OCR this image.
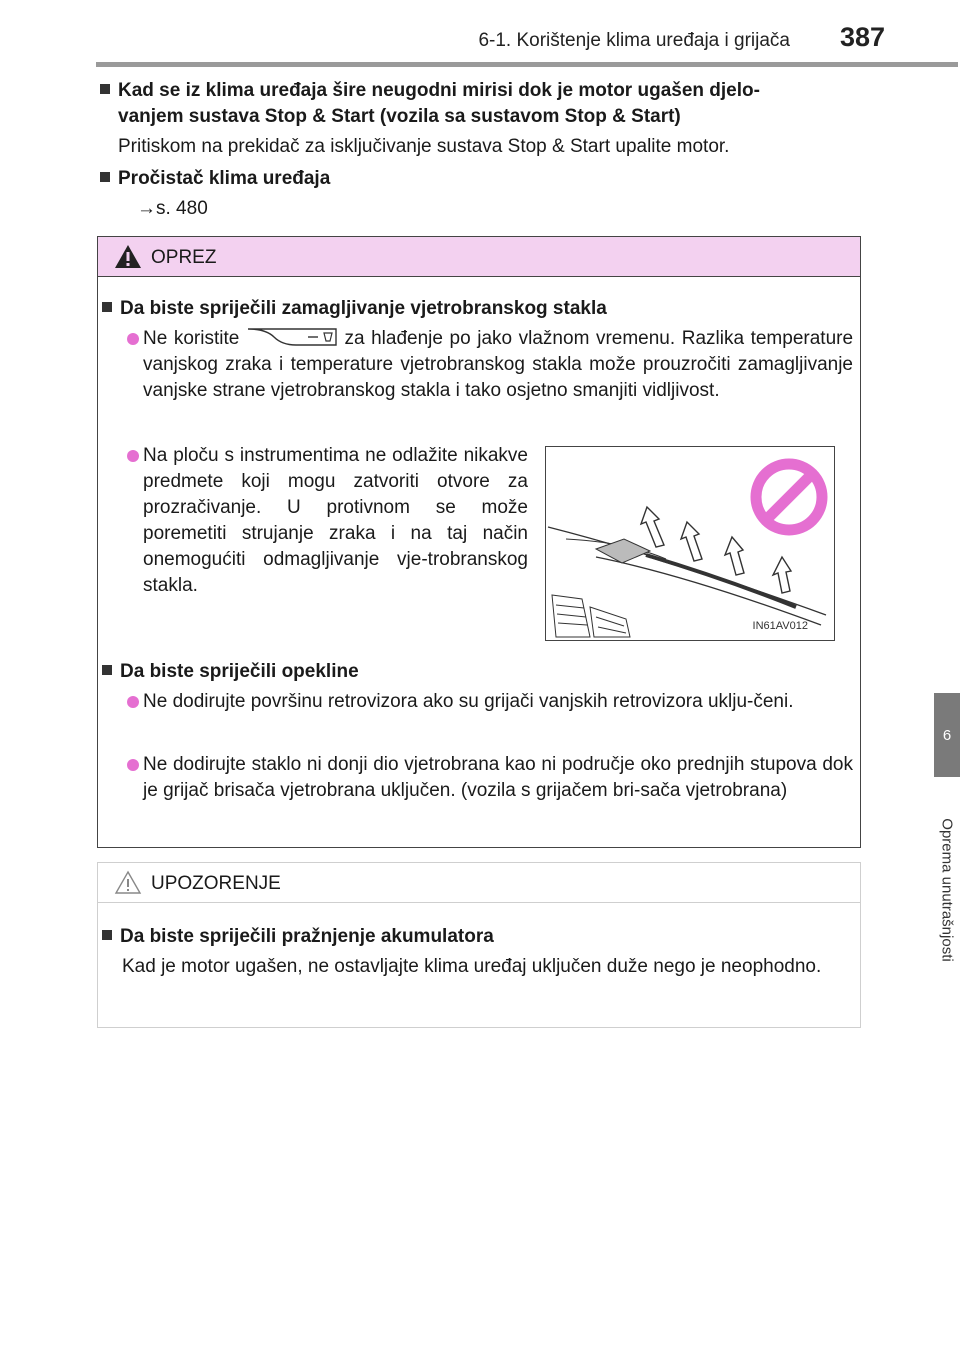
6-1. Korištenje klima uređaja i grijača 387
6
Oprema unutrašnjosti
Kad se iz klima uređaja šire neugodni mirisi dok je motor ugašen djelo-
vanjem sustava Stop & Start (vozila sa sustavom Stop & Start)
Pritiskom na prekidač za isključivanje sustava Stop & Start upalite motor.
Pročistač klima uređaja
→s. 480
OPREZ
Da biste spriječili zamagljivanje vjetrobranskog stakla
Ne koristite	za hlađenje po jako vlažnom vremenu. Razlika temperature vanjskog zraka i temperature vjetrobranskog stakla može prouzročiti zamagljivanje vanjske strane vjetrobranskog stakla i tako osjetno smanjiti vidljivost.
Na ploču s instrumentima ne odlažite nikakve predmete koji mogu zatvoriti otvore za prozračivanje. U protivnom se može poremetiti strujanje zraka i na taj način onemogućiti odmagljivanje vje-trobranskog stakla.
IN61AV012
Da biste spriječili opekline
Ne dodirujte površinu retrovizora ako su grijači vanjskih retrovizora uklju-čeni.
Ne dodirujte staklo ni donji dio vjetrobrana kao ni područje oko prednjih stupova dok je grijač brisača vjetrobrana uključen. (vozila s grijačem bri-sača vjetrobrana)
UPOZORENJE
Da biste spriječili pražnjenje akumulatora
Kad je motor ugašen, ne ostavljajte klima uređaj uključen duže nego je neophodno.
